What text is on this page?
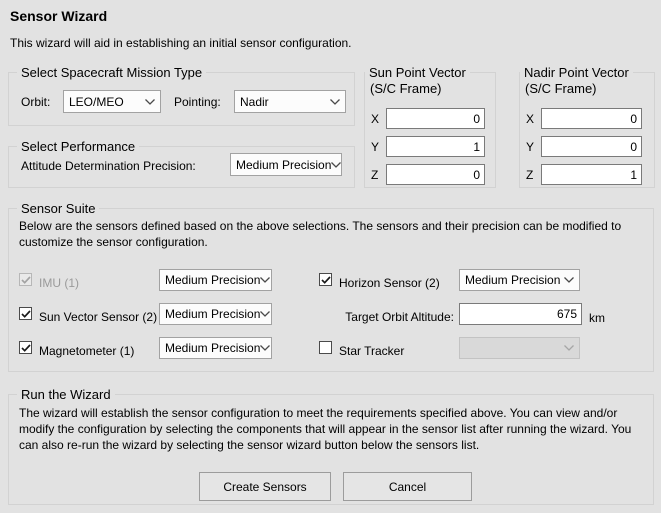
Sensor Wizard
This wizard will aid in establishing an initial sensor configuration.
Select Spacecraft Mission Type
Orbit: LEO/MEO	Pointing: Nadir
Sun Point Vector
(S/C Frame)
X
0
Y
1
Z
0
Nadir Point Vector
(S/C Frame)
X
0
Y
0
Z
1
Select Performance
Attitude Determination Precision:	Medium Precision
Sensor Suite
Below are the sensors defined based on the above selections. The sensors and their precision can be modified to customize the sensor configuration.
IMU (1)	Medium Precision	Horizon Sensor (2) Medium Precision
Sun Vector Sensor (2) Medium Precision	Target Orbit Altitude:
675	km
Magnetometer (1)	Medium Precision	Star Tracker
Run the Wizard
The wizard will establish the sensor configuration to meet the requirements specified above. You can view and/or modify the configuration by selecting the components that will appear in the sensor list after running the wizard. You can also re-run the wizard by selecting the sensor wizard button below the sensors list.
Create Sensors	Cancel
